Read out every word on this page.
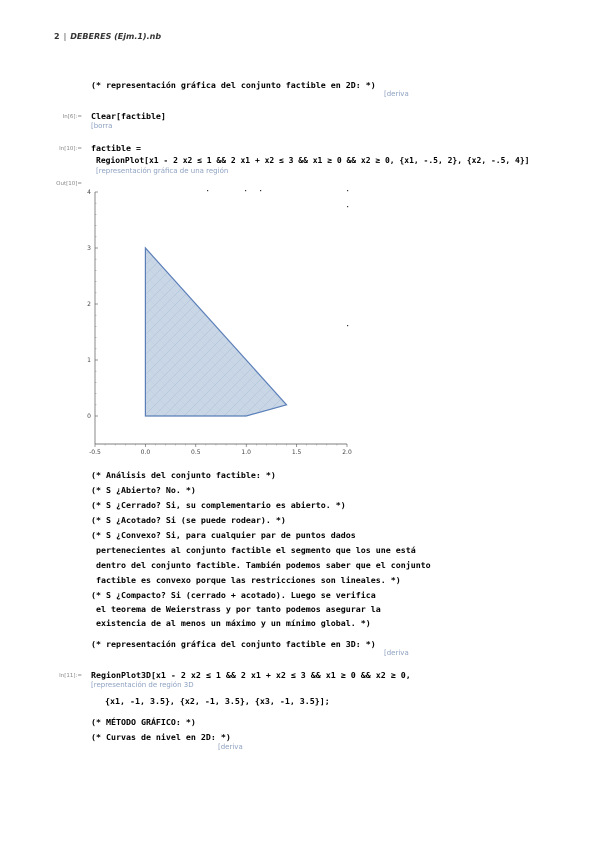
2 | DEBERES (Ejm.1).nb
(* representación gráfica del conjunto factible en 2D: *)
[ deriva
In[6]:= Clear[factible]
[ borra
In[10]:= factible =
RegionPlot[x1 - 2 x2 ≤ 1 && 2 x1 + x2 ≤ 3 && x1 ≥ 0 && x2 ≥ 0, {x1, -.5, 2}, {x2, -.5, 4}]
[ representación gráfica de una región
Out[10]=
-0.5	0.0	0.5	1.0	1.5	2.0
0
1
2
3
4
(* Análisis del conjunto factible: *)
(* S ¿Abierto? No. *)
(* S ¿Cerrado? Si, su complementario es abierto. *)
(* S ¿Acotado? Si (se puede rodear). *)
(* S ¿Convexo? Si, para cualquier par de puntos dados
pertenecientes al conjunto factible el segmento que los une está
dentro del conjunto factible. También podemos saber que el conjunto
factible es convexo porque las restricciones son lineales. *)
(* S ¿Compacto? Si (cerrado + acotado). Luego se verifica
el teorema de Weierstrass y por tanto podemos asegurar la
existencia de al menos un máximo y un mínimo global. *)
(* representación gráfica del conjunto factible en 3D: *)
[ deriva
In[11]:= RegionPlot3D[x1 - 2 x2 ≤ 1 && 2 x1 + x2 ≤ 3 && x1 ≥ 0 && x2 ≥ 0,
[ representación de región 3D
{x1, -1, 3.5}, {x2, -1, 3.5}, {x3, -1, 3.5}];
(* MÉTODO GRÁFICO: *)
(* Curvas de nivel en 2D: *)
[ deriva
